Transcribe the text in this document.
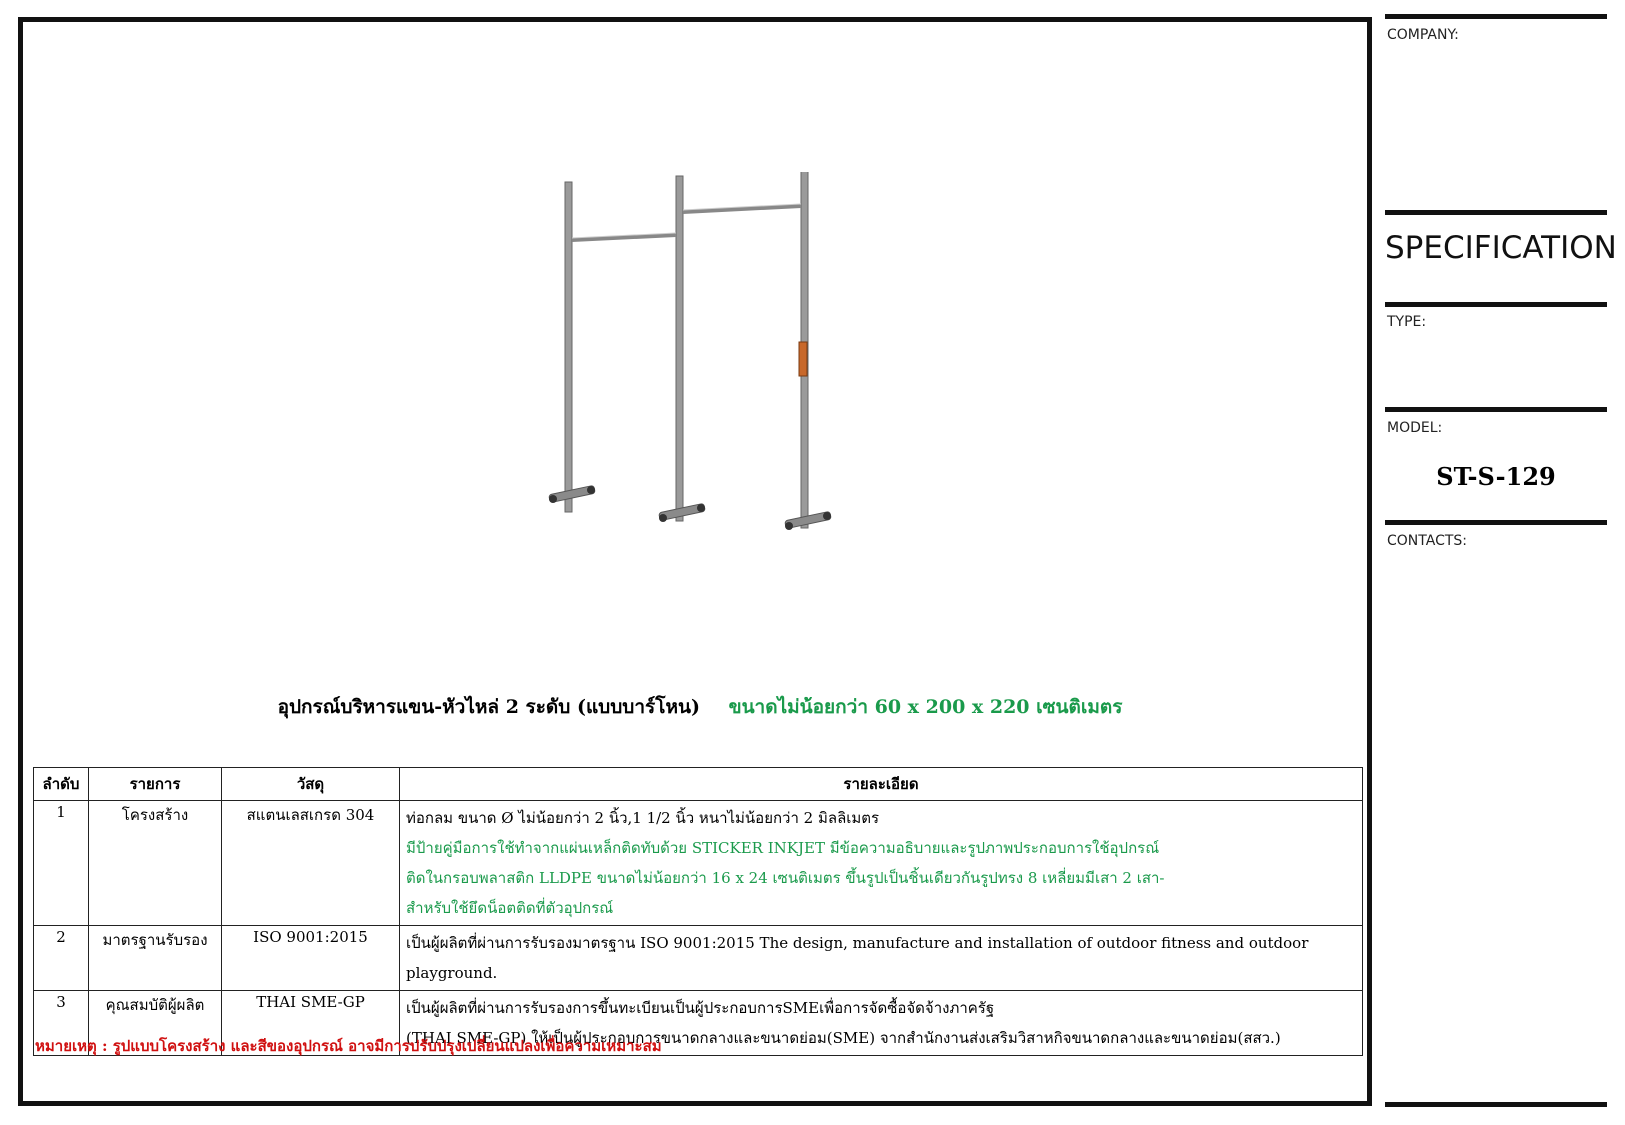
อุปกรณ์บริหารแขน-หัวไหล่ 2 ระดับ (แบบบาร์โหน) ขนาดไม่น้อยกว่า 60 x 200 x 220 เซนติเมตร
ลำดับ	รายการ	วัสดุ	รายละเอียด
1	โครงสร้าง	สแตนเลสเกรด 304	ท่อกลม ขนาด Ø ไม่น้อยกว่า 2 นิ้ว,1 1/2 นิ้ว หนาไม่น้อยกว่า 2 มิลลิเมตร
มีป้ายคู่มือการใช้ทำจากแผ่นเหล็กติดทับด้วย STICKER INKJET มีข้อความอธิบายและรูปภาพประกอบการใช้อุปกรณ์
ติดในกรอบพลาสติก LLDPE ขนาดไม่น้อยกว่า 16 x 24 เซนติเมตร ขึ้นรูปเป็นชิ้นเดียวกันรูปทรง 8 เหลี่ยมมีเสา 2 เสา-
สำหรับใช้ยึดน็อตติดที่ตัวอุปกรณ์

2	มาตรฐานรับรอง	ISO 9001:2015	เป็นผู้ผลิตที่ผ่านการรับรองมาตรฐาน ISO 9001:2015 The design, manufacture and installation of outdoor fitness and outdoor playground.

3	คุณสมบัติผู้ผลิต	THAI SME-GP	เป็นผู้ผลิตที่ผ่านการรับรองการขึ้นทะเบียนเป็นผู้ประกอบการSMEเพื่อการจัดซื้อจัดจ้างภาครัฐ
(THAI SME-GP) ให้เป็นผู้ประกอบการขนาดกลางและขนาดย่อม(SME) จากสำนักงานส่งเสริมวิสาหกิจขนาดกลางและขนาดย่อม(สสว.)
หมายเหตุ : รูปแบบโครงสร้าง และสีของอุปกรณ์ อาจมีการปรับปรุงเปลี่ยนแปลงเพื่อความเหมาะสม
COMPANY:
SPECIFICATION
TYPE:
MODEL:
ST-S-129
CONTACTS:
